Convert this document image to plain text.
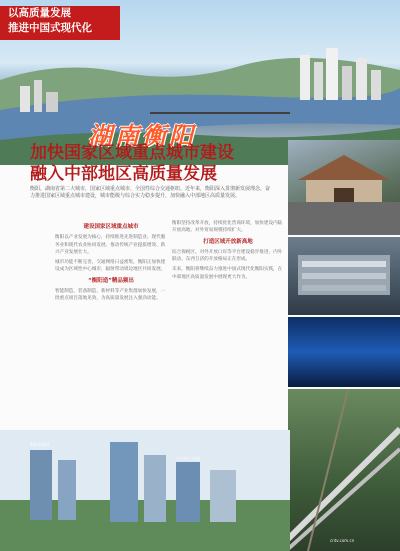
以高质量发展
推进中国式现代化
湖南衡阳
加快国家区域重点城市建设
融入中部地区高质量发展
衡阳，湖南省第二大城市，国家区域重点城市，全国性综合交通枢纽。近年来，衡阳深入贯彻新发展理念，奋力推进国家区域重点城市建设，城市能级与综合实力稳步提升，加快融入中部地区高质量发展。
建设国家区域重点城市

衡阳以产业发展为核心，持续推进先进制造业、现代服务业和现代农业协同发展，推动传统产业提质增效、新兴产业发展壮大。

城市功能不断完善，交通网络日益密集，衡阳正加快建设成为区域性中心城市，辐射带动周边地区共同发展。

“衡阳造”精品频出

智能制造、装备制造、新材料等产业集群加快发展，一批重点项目落地见效，为高质量发展注入强劲动能。

衡阳坚持改革开放，持续优化营商环境，加快建设内陆开放高地，对外贸易规模持续扩大。

打造区域开放新高地

综合保税区、对外开放口岸等平台建设稳步推进，内外联动、东西互济的开放格局正在形成。

未来，衡阳将继续奋力推进中国式现代化衡阳实践，在中部地区高质量发展中展现更大作为。

衡阳高新区
白沙洲工业园
cntv.com.cn
